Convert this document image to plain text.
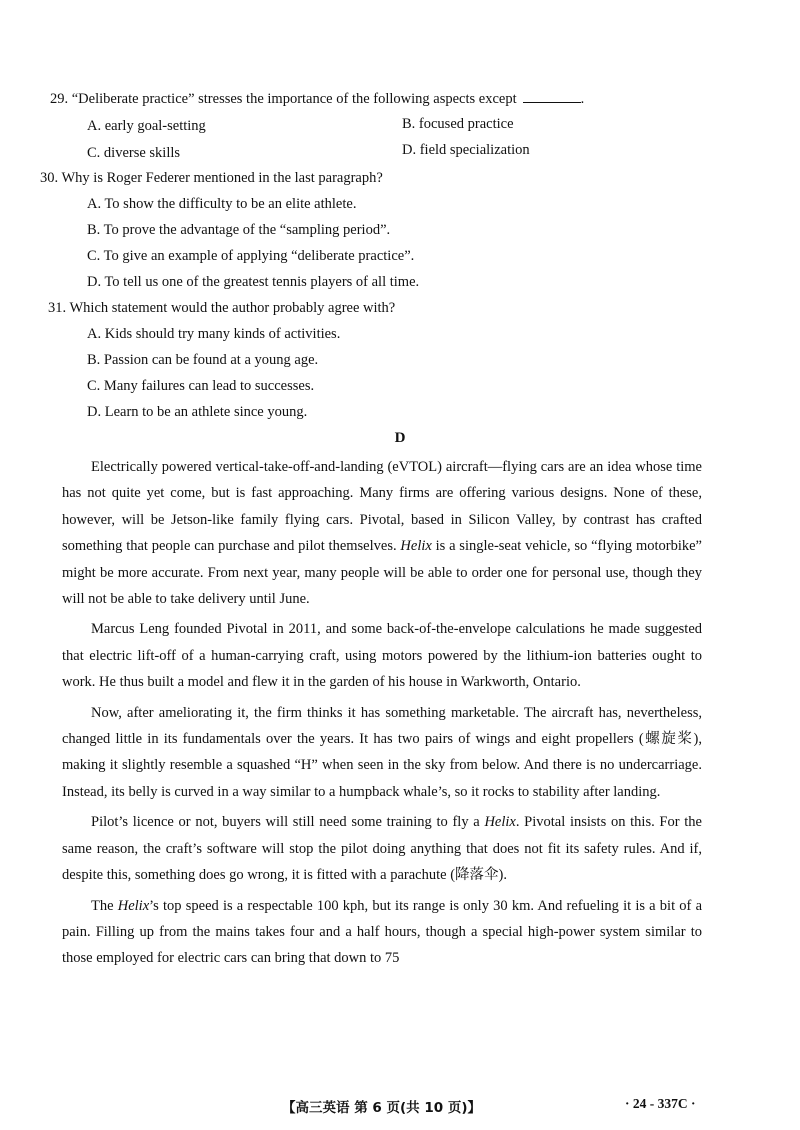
29. “Deliberate practice” stresses the importance of the following aspects except	.
A. early goal-setting	B. focused practice
C. diverse skills	D. field specialization
30. Why is Roger Federer mentioned in the last paragraph?
A. To show the difficulty to be an elite athlete.
B. To prove the advantage of the “sampling period”.
C. To give an example of applying “deliberate practice”.
D. To tell us one of the greatest tennis players of all time.
31. Which statement would the author probably agree with?
A. Kids should try many kinds of activities.
B. Passion can be found at a young age.
C. Many failures can lead to successes.
D. Learn to be an athlete since young.
D

Electrically powered vertical-take-off-and-landing (eVTOL) aircraft—flying cars are an idea whose time has not quite yet come, but is fast approaching. Many firms are offering various designs. None of these, however, will be Jetson-like family flying cars. Pivotal, based in Silicon Valley, by contrast has crafted something that people can purchase and pilot themselves. Helix is a single-seat vehicle, so “flying motorbike” might be more accurate. From next year, many people will be able to order one for personal use, though they will not be able to take delivery until June.

Marcus Leng founded Pivotal in 2011, and some back-of-the-envelope calculations he made suggested that electric lift-off of a human-carrying craft, using motors powered by the lithium-ion batteries ought to work. He thus built a model and flew it in the garden of his house in Warkworth, Ontario.

Now, after ameliorating it, the firm thinks it has something marketable. The aircraft has, nevertheless, changed little in its fundamentals over the years. It has two pairs of wings and eight propellers (螺旋桨), making it slightly resemble a squashed “H” when seen in the sky from below. And there is no undercarriage. Instead, its belly is curved in a way similar to a humpback whale’s, so it rocks to stability after landing.

Pilot’s licence or not, buyers will still need some training to fly a Helix. Pivotal insists on this. For the same reason, the craft’s software will stop the pilot doing anything that does not fit its safety rules. And if, despite this, something does go wrong, it is fitted with a parachute (降落伞).

The Helix’s top speed is a respectable 100 kph, but its range is only 30 km. And refueling it is a bit of a pain. Filling up from the mains takes four and a half hours, though a special high-power system similar to those employed for electric cars can bring that down to 75

【高三英语 第 6 页(共 10 页)】	· 24 - 337C ·
